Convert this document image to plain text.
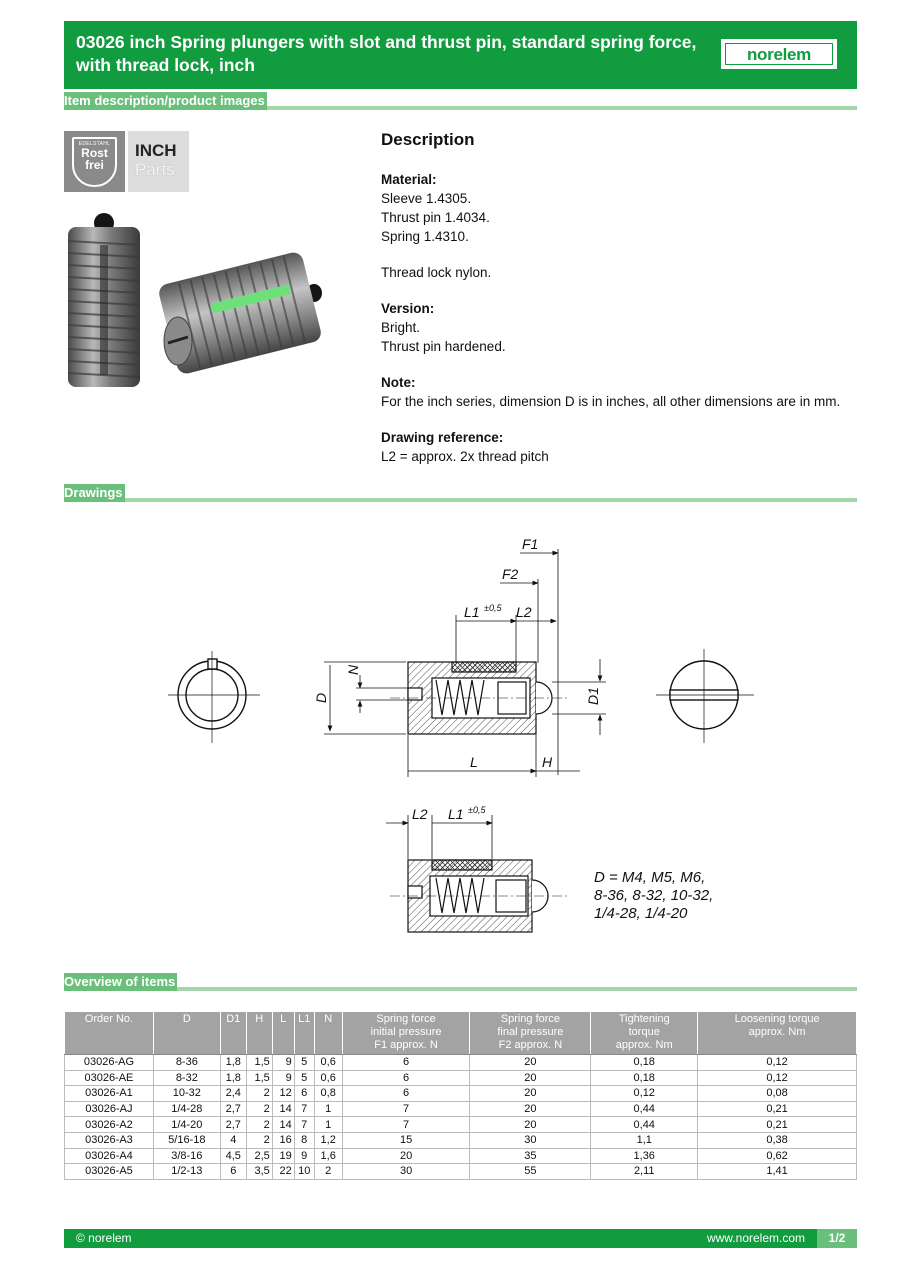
03026 inch Spring plungers with slot and thrust pin, standard spring force, with thread lock, inch
norelem
Item description/product images
EDELSTAHL
Rost
frei
INCH
Parts
Description
Material:
Sleeve 1.4305.
Thrust pin 1.4034.
Spring 1.4310.
Thread lock nylon.
Version:
Bright.
Thrust pin hardened.
Note:
For the inch series, dimension D is in inches, all other dimensions are in mm.
Drawing reference:
L2 = approx. 2x thread pitch
Drawings
F1
F2
L1 ±0,5 L2
N
D	D1
L	H
L2 L1 ±0,5
D = M4, M5, M6,
8-36, 8-32, 10-32,
1/4-28, 1/4-20
Overview of items
Order No.	D	D1	H	L	L1	N	Spring force
initial pressure
F1 approx. N	Spring force
final pressure
F2 approx. N	Tightening
torque
approx. Nm	Loosening torque
approx. Nm
03026-AG	8-36	1,8	1,5	9	5	0,6	6	20	0,18	0,12
03026-AE	8-32	1,8	1,5	9	5	0,6	6	20	0,18	0,12
03026-A1	10-32	2,4	2	12	6	0,8	6	20	0,12	0,08
03026-AJ	1/4-28	2,7	2	14	7	1	7	20	0,44	0,21
03026-A2	1/4-20	2,7	2	14	7	1	7	20	0,44	0,21
03026-A3	5/16-18	4	2	16	8	1,2	15	30	1,1	0,38
03026-A4	3/8-16	4,5	2,5	19	9	1,6	20	35	1,36	0,62
03026-A5	1/2-13	6	3,5	22	10	2	30	55	2,11	1,41
© norelem	www.norelem.com	1/2
